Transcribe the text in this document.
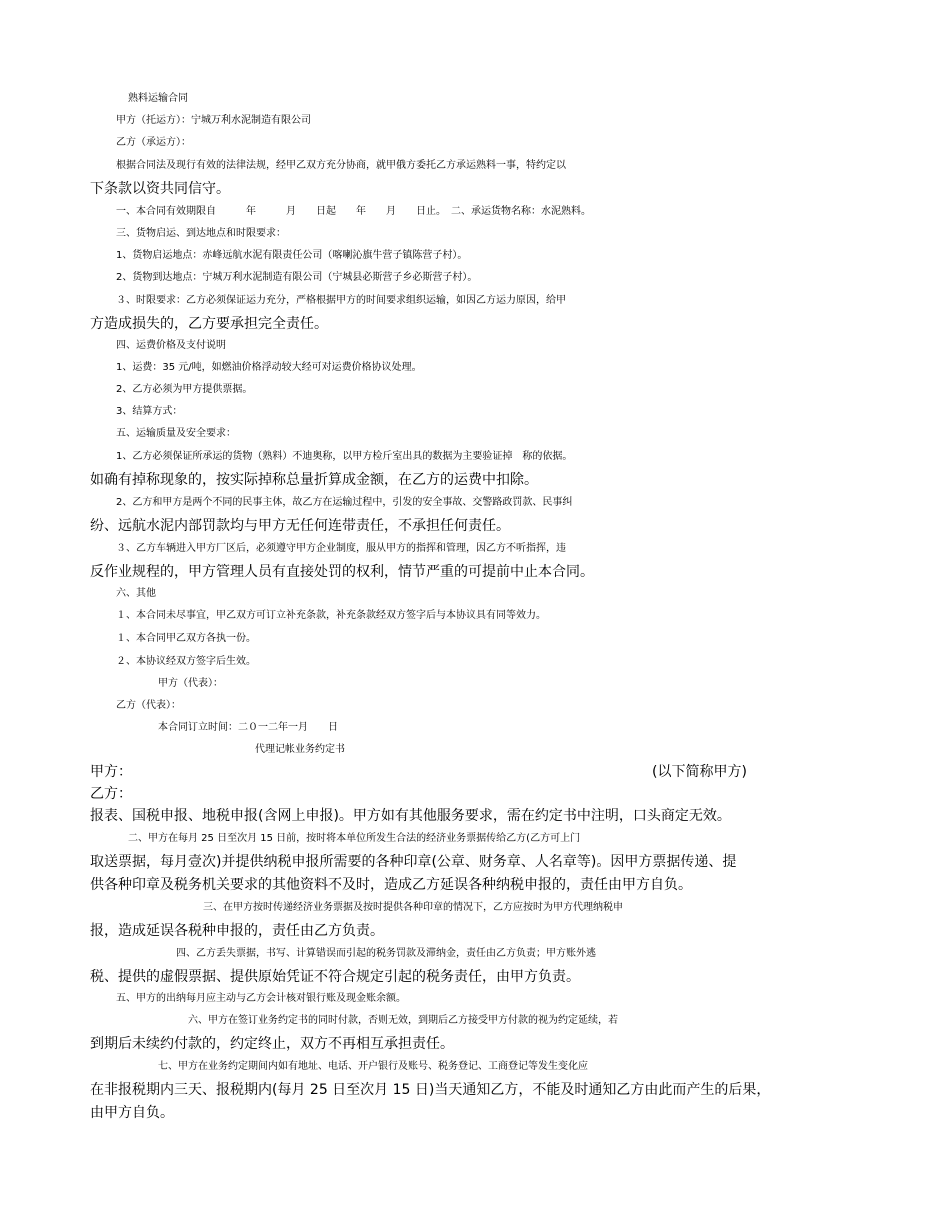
熟料运输合同
甲方（托运方）：宁城万利水泥制造有限公司
乙方（承运方）：
根据合同法及现行有效的法律法规，经甲乙双方充分协商，就甲俄方委托乙方承运熟料一事，特约定以
下条款以资共同信守。
一、本合同有效期限自　　　年　　　月　　日起　　年　　月　　日止。　二、承运货物名称：水泥熟料。
三、货物启运、到达地点和时限要求：
1、货物启运地点：赤峰远航水泥有限责任公司（喀喇沁旗牛营子镇陈营子村）。
2、货物到达地点：宁城万利水泥制造有限公司（宁城县必斯营子乡必斯营子村）。
３、时限要求：乙方必须保证运力充分，严格根据甲方的时间要求组织运输，如因乙方运力原因，给甲
方造成损失的，乙方要承担完全责任。
四、运费价格及支付说明
1、运费：35 元/吨，如燃油价格浮动较大经可对运费价格协议处理。
2、乙方必须为甲方提供票据。
3、结算方式：
五、运输质量及安全要求：
1、乙方必须保证所承运的货物（熟料）不迪奥称，以甲方检斤室出具的数据为主要验证掉　称的依据。
如确有掉称现象的，按实际掉称总量折算成金额，在乙方的运费中扣除。
2、乙方和甲方是两个不同的民事主体，故乙方在运输过程中，引发的安全事故、交警路政罚款、民事纠
纷、远航水泥内部罚款均与甲方无任何连带责任，不承担任何责任。
３、乙方车辆进入甲方厂区后，必须遵守甲方企业制度，服从甲方的指挥和管理，因乙方不听指挥，违
反作业规程的，甲方管理人员有直接处罚的权利，情节严重的可提前中止本合同。
六、其他
１、本合同未尽事宜，甲乙双方可订立补充条款，补充条款经双方签字后与本协议具有同等效力。
１、本合同甲乙双方各执一份。
２、本协议经双方签字后生效。
甲方（代表）：
乙方（代表）：
本合同订立时间：二０一二年一月　　日
代理记帐业务约定书
甲方：	(以下简称甲方)
乙方：
报表、国税申报、地税申报(含网上申报)。甲方如有其他服务要求，需在约定书中注明，口头商定无效。
二、甲方在每月 25 日至次月 15 日前，按时将本单位所发生合法的经济业务票据传给乙方(乙方可上门
取送票据，每月壹次)并提供纳税申报所需要的各种印章(公章、财务章、人名章等)。因甲方票据传递、提
供各种印章及税务机关要求的其他资料不及时，造成乙方延误各种纳税申报的，责任由甲方自负。
三、在甲方按时传递经济业务票据及按时提供各种印章的情况下，乙方应按时为甲方代理纳税申
报，造成延误各税种申报的，责任由乙方负责。
四、乙方丢失票据，书写、计算错误而引起的税务罚款及滞纳金，责任由乙方负责；甲方账外逃
税、提供的虚假票据、提供原始凭证不符合规定引起的税务责任，由甲方负责。
五、甲方的出纳每月应主动与乙方会计核对银行账及现金账余额。
六、甲方在签订业务约定书的同时付款，否则无效，到期后乙方接受甲方付款的视为约定延续，若
到期后未续约付款的，约定终止，双方不再相互承担责任。
七、甲方在业务约定期间内如有地址、电话、开户银行及账号、税务登记、工商登记等发生变化应
在非报税期内三天、报税期内(每月 25 日至次月 15 日)当天通知乙方，不能及时通知乙方由此而产生的后果，
由甲方自负。
